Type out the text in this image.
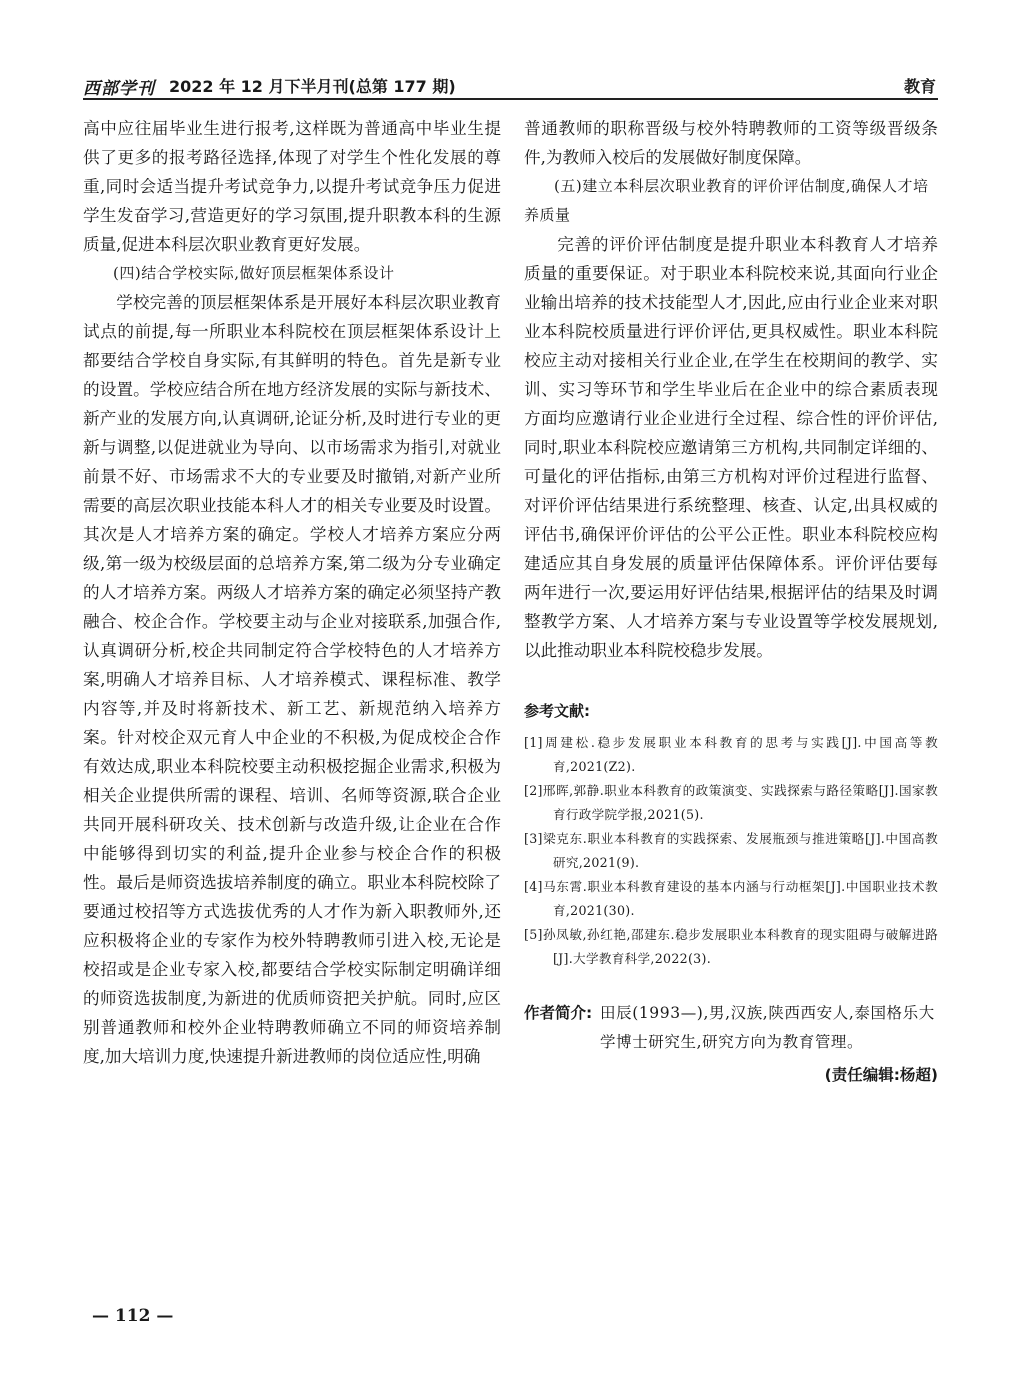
西部学刊 2022 年 12 月下半月刊(总第 177 期)	教育

高中应往届毕业生进行报考,这样既为普通高中毕业生提供了更多的报考路径选择,体现了对学生个性化发展的尊重,同时会适当提升考试竞争力,以提升考试竞争压力促进学生发奋学习,营造更好的学习氛围,提升职教本科的生源质量,促进本科层次职业教育更好发展。

(四)结合学校实际,做好顶层框架体系设计

学校完善的顶层框架体系是开展好本科层次职业教育试点的前提,每一所职业本科院校在顶层框架体系设计上都要结合学校自身实际,有其鲜明的特色。首先是新专业的设置。学校应结合所在地方经济发展的实际与新技术、新产业的发展方向,认真调研,论证分析,及时进行专业的更新与调整,以促进就业为导向、以市场需求为指引,对就业前景不好、市场需求不大的专业要及时撤销,对新产业所需要的高层次职业技能本科人才的相关专业要及时设置。其次是人才培养方案的确定。学校人才培养方案应分两级,第一级为校级层面的总培养方案,第二级为分专业确定的人才培养方案。两级人才培养方案的确定必须坚持产教融合、校企合作。学校要主动与企业对接联系,加强合作,认真调研分析,校企共同制定符合学校特色的人才培养方案,明确人才培养目标、人才培养模式、课程标准、教学内容等,并及时将新技术、新工艺、新规范纳入培养方案。针对校企双元育人中企业的不积极,为促成校企合作有效达成,职业本科院校要主动积极挖掘企业需求,积极为相关企业提供所需的课程、培训、名师等资源,联合企业共同开展科研攻关、技术创新与改造升级,让企业在合作中能够得到切实的利益,提升企业参与校企合作的积极性。最后是师资选拔培养制度的确立。职业本科院校除了要通过校招等方式选拔优秀的人才作为新入职教师外,还应积极将企业的专家作为校外特聘教师引进入校,无论是校招或是企业专家入校,都要结合学校实际制定明确详细的师资选拔制度,为新进的优质师资把关护航。同时,应区别普通教师和校外企业特聘教师确立不同的师资培养制度,加大培训力度,快速提升新进教师的岗位适应性,明确

普通教师的职称晋级与校外特聘教师的工资等级晋级条件,为教师入校后的发展做好制度保障。

(五)建立本科层次职业教育的评价评估制度,确保人才培养质量

完善的评价评估制度是提升职业本科教育人才培养质量的重要保证。对于职业本科院校来说,其面向行业企业输出培养的技术技能型人才,因此,应由行业企业来对职业本科院校质量进行评价评估,更具权威性。职业本科院校应主动对接相关行业企业,在学生在校期间的教学、实训、实习等环节和学生毕业后在企业中的综合素质表现方面均应邀请行业企业进行全过程、综合性的评价评估,同时,职业本科院校应邀请第三方机构,共同制定详细的、可量化的评估指标,由第三方机构对评价过程进行监督、对评价评估结果进行系统整理、核查、认定,出具权威的评估书,确保评价评估的公平公正性。职业本科院校应构建适应其自身发展的质量评估保障体系。评价评估要每两年进行一次,要运用好评估结果,根据评估的结果及时调整教学方案、人才培养方案与专业设置等学校发展规划,以此推动职业本科院校稳步发展。

参考文献:

[1]周建松.稳步发展职业本科教育的思考与实践[J].中国高等教育,2021(Z2).

[2]邢晖,郭静.职业本科教育的政策演变、实践探索与路径策略[J].国家教育行政学院学报,2021(5).

[3]梁克东.职业本科教育的实践探索、发展瓶颈与推进策略[J].中国高教研究,2021(9).

[4]马东霄.职业本科教育建设的基本内涵与行动框架[J].中国职业技术教育,2021(30).

[5]孙凤敏,孙红艳,邵建东.稳步发展职业本科教育的现实阻碍与破解进路[J].大学教育科学,2022(3).

作者简介: 田辰(1993—),男,汉族,陕西西安人,泰国格乐大学博士研究生,研究方向为教育管理。
(责任编辑:杨超)
— 112 —
